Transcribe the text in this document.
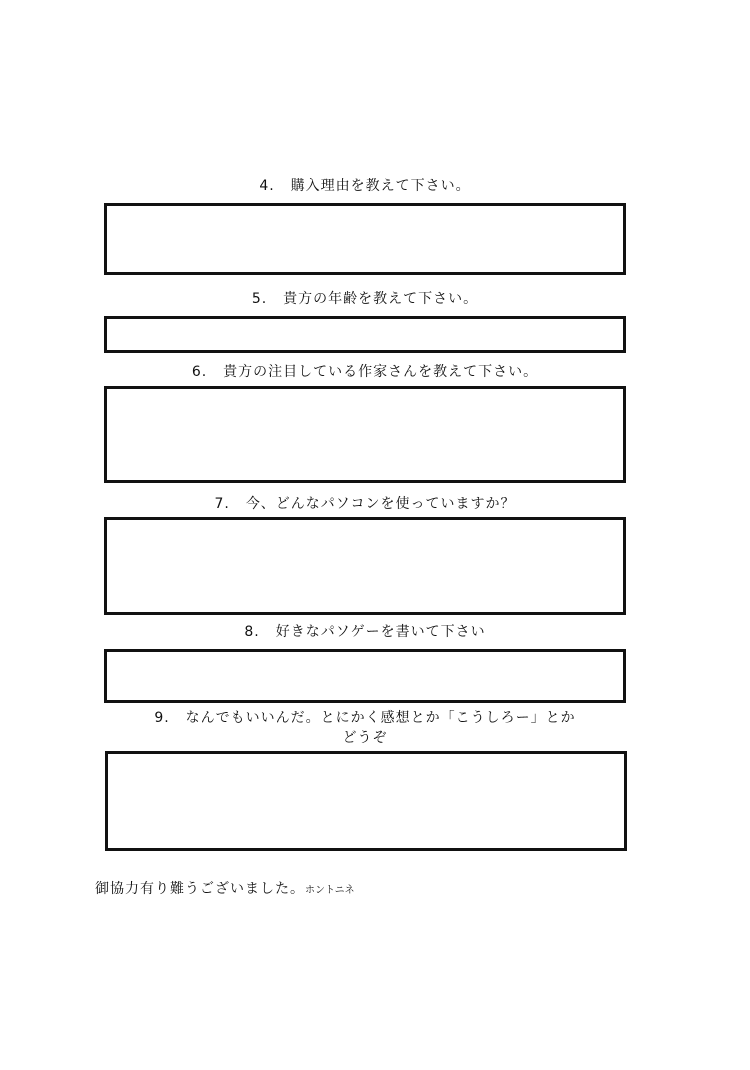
4. 購入理由を教えて下さい。
5. 貴方の年齢を教えて下さい。
6. 貴方の注目している作家さんを教えて下さい。
7. 今、どんなパソコンを使っていますか？
8. 好きなパソゲーを書いて下さい
9. なんでもいいんだ。とにかく感想とか「こうしろー」とか
どうぞ
御協力有り難うございました。ホントニネ
